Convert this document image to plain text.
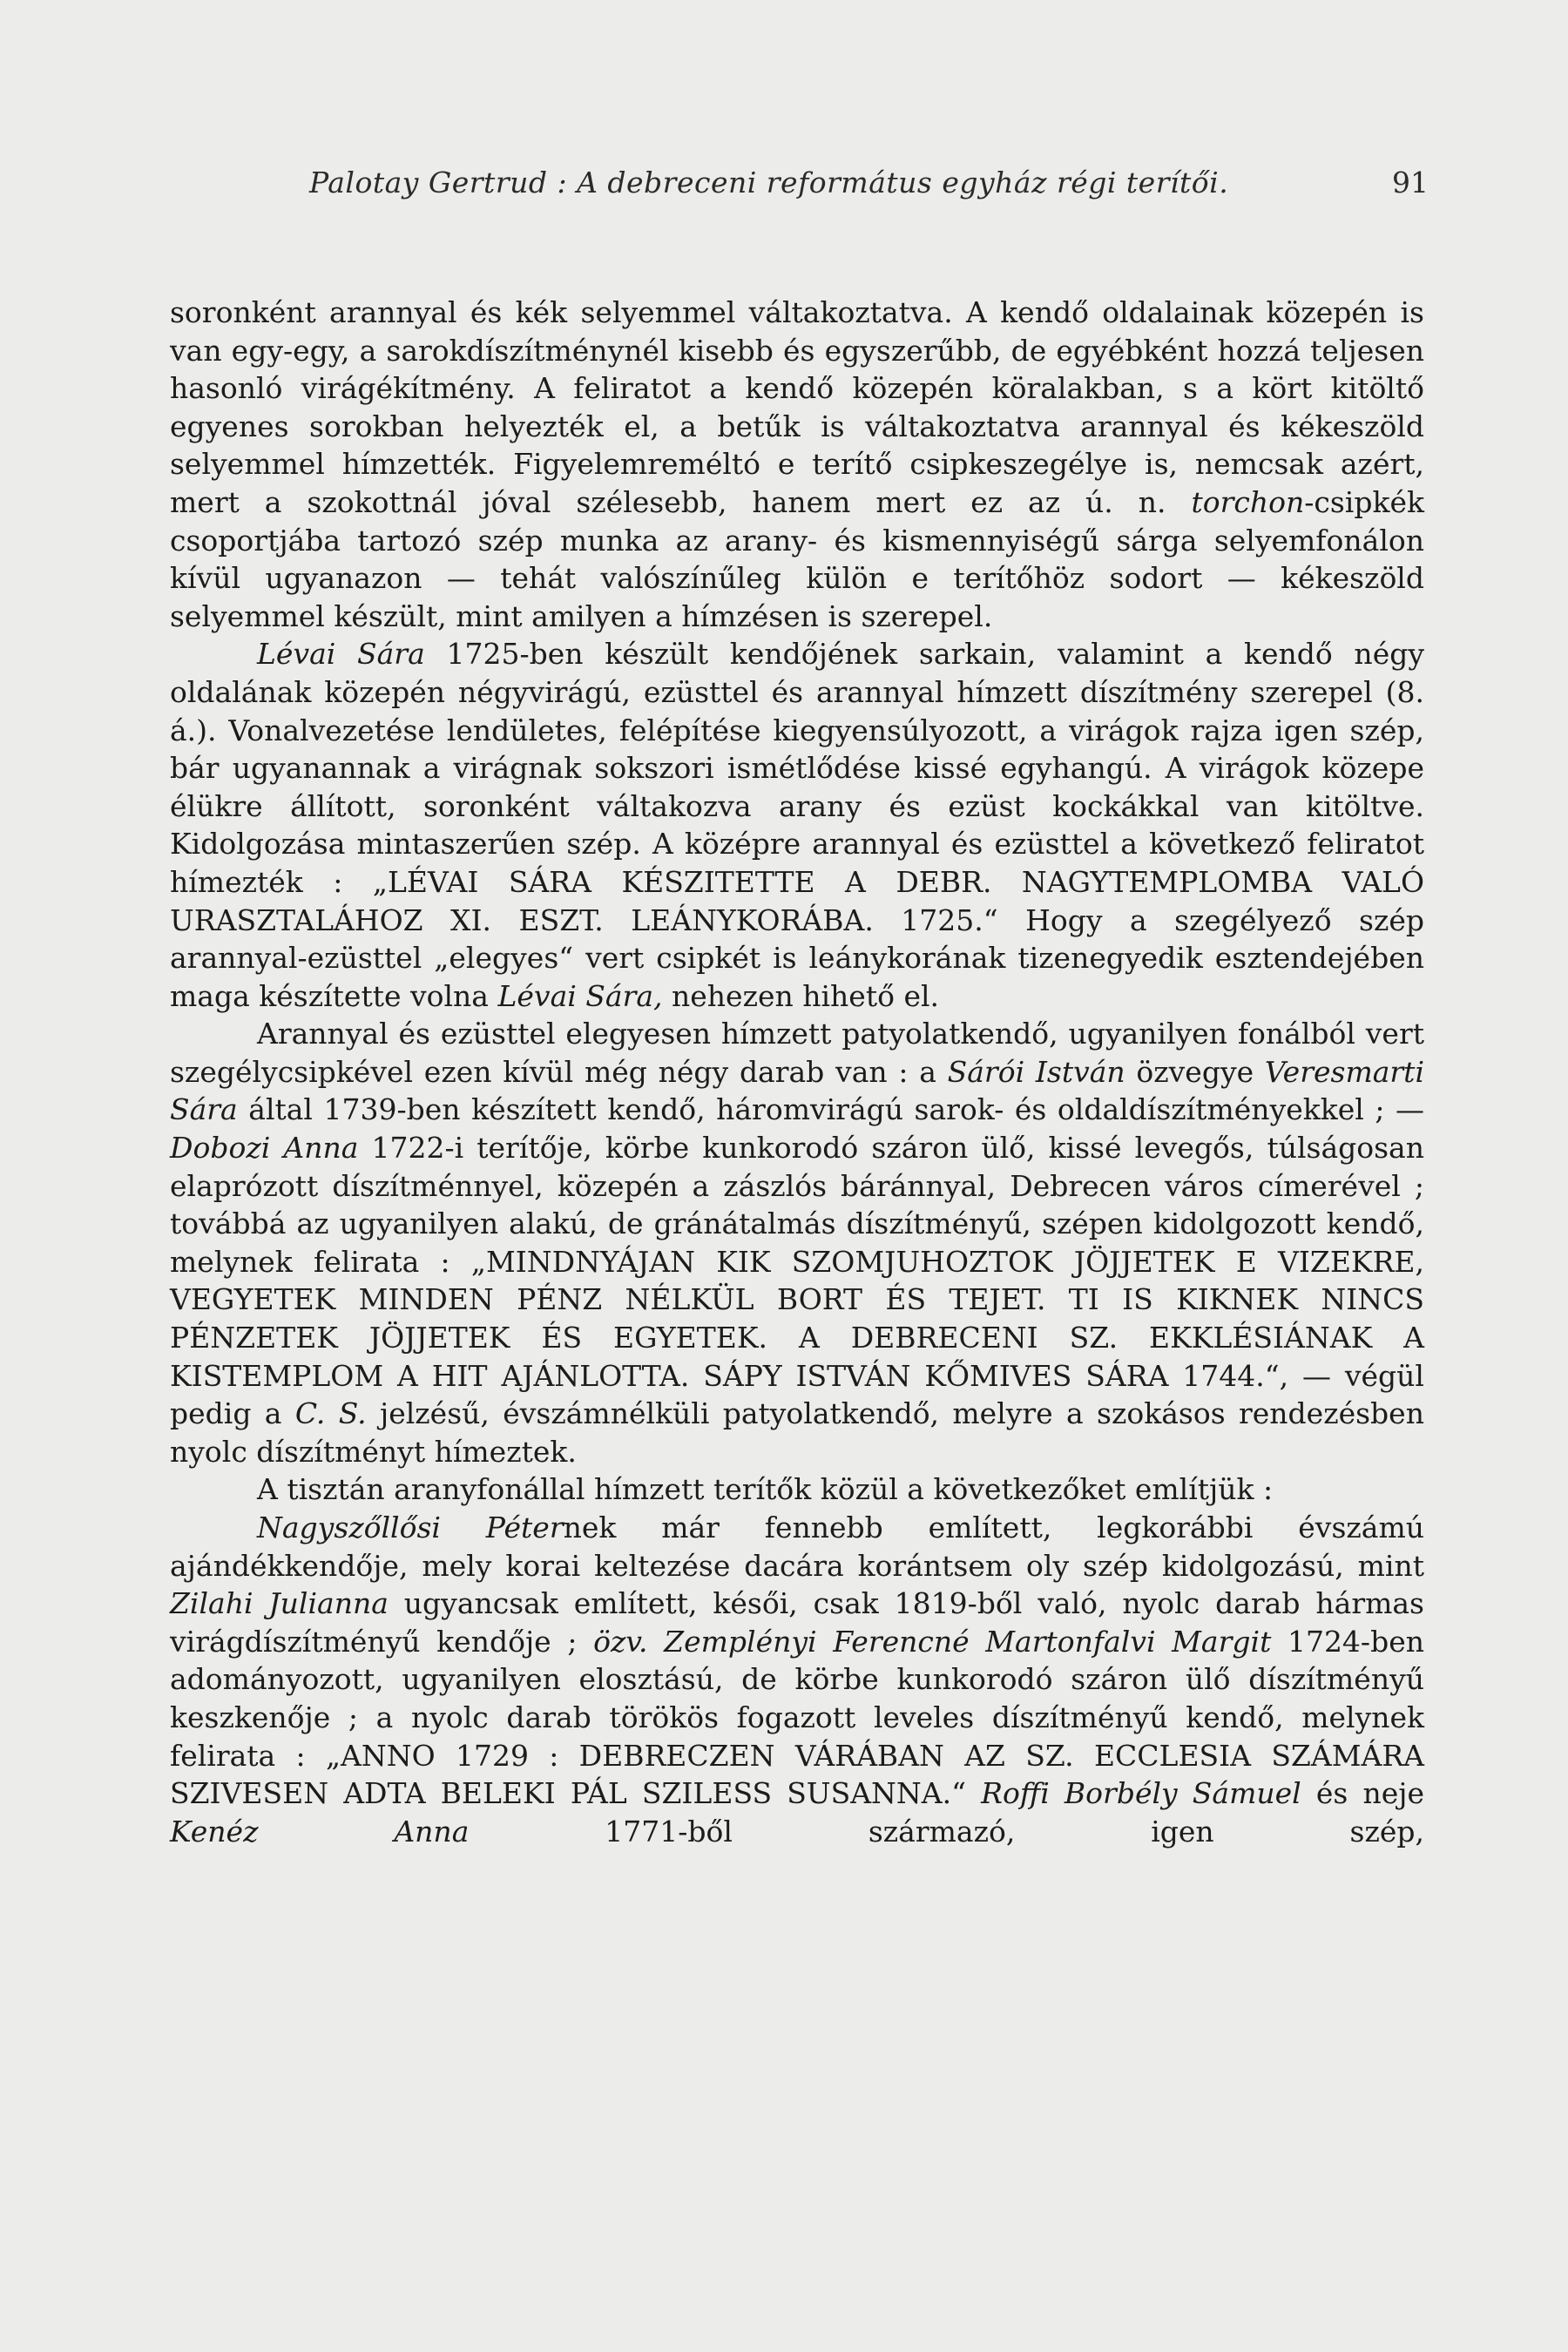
Palotay Gertrud : A debreceni református egyház régi terítői.	91

soronként arannyal és kék selyemmel váltakoztatva. A kendő oldalainak közepén is van egy-egy, a sarokdíszítménynél kisebb és egyszerűbb, de egyébként hozzá teljesen hasonló virágékítmény. A feliratot a kendő közepén köralakban, s a kört kitöltő egyenes sorokban helyezték el, a betűk is váltakoztatva arannyal és kékeszöld selyemmel hímzették. Figyelemreméltó e terítő csipkeszegélye is, nemcsak azért, mert a szokottnál jóval szélesebb, hanem mert ez az ú. n. torchon-csipkék csoportjába tartozó szép munka az arany- és kismennyiségű sárga selyemfonálon kívül ugyanazon — tehát valószínűleg külön e terítőhöz sodort — kékeszöld selyemmel készült, mint amilyen a hímzésen is szerepel.

Lévai Sára 1725-ben készült kendőjének sarkain, valamint a kendő négy oldalának közepén négyvirágú, ezüsttel és arannyal hímzett díszítmény szerepel (8. á.). Vonalvezetése lendületes, felépítése kiegyensúlyozott, a virágok rajza igen szép, bár ugyanannak a virágnak sokszori ismétlődése kissé egyhangú. A virágok közepe élükre állított, soronként váltakozva arany és ezüst kockákkal van kitöltve. Kidolgozása mintaszerűen szép. A középre arannyal és ezüsttel a következő feliratot hímezték : „LÉVAI SÁRA KÉSZITETTE A DEBR. NAGYTEMPLOMBA VALÓ URASZTALÁHOZ XI. ESZT. LEÁNYKORÁBA. 1725.“ Hogy a szegélyező szép arannyal-ezüsttel „elegyes“ vert csipkét is leánykorának tizenegyedik esztendejében maga készítette volna Lévai Sára, nehezen hihető el.

Arannyal és ezüsttel elegyesen hímzett patyolatkendő, ugyanilyen fonálból vert szegélycsipkével ezen kívül még négy darab van : a Sárói István özvegye Veresmarti Sára által 1739-ben készített kendő, háromvirágú sarok- és oldaldíszítményekkel ; — Dobozi Anna 1722-i terítője, körbe kunkorodó száron ülő, kissé levegős, túlságosan elaprózott díszítménnyel, közepén a zászlós báránnyal, Debrecen város címerével ; továbbá az ugyanilyen alakú, de gránátalmás díszítményű, szépen kidolgozott kendő, melynek felirata : „MINDNYÁJAN KIK SZOMJUHOZTOK JÖJJETEK E VIZEKRE, VEGYETEK MINDEN PÉNZ NÉLKÜL BORT ÉS TEJET. TI IS KIKNEK NINCS PÉNZETEK JÖJJETEK ÉS EGYETEK. A DEBRECENI SZ. EKKLÉSIÁNAK A KISTEMPLOM A HIT AJÁNLOTTA. SÁPY ISTVÁN KŐMIVES SÁRA 1744.“, — végül pedig a C. S. jelzésű, évszámnélküli patyolatkendő, melyre a szokásos rendezésben nyolc díszítményt hímeztek.

A tisztán aranyfonállal hímzett terítők közül a következőket említjük :

Nagyszőllősi Péternek már fennebb említett, legkorábbi évszámú ajándékkendője, mely korai keltezése dacára korántsem oly szép kidolgozású, mint Zilahi Julianna ugyancsak említett, késői, csak 1819-ből való, nyolc darab hármas virágdíszítményű kendője ; özv. Zemplényi Ferencné Martonfalvi Margit 1724-ben adományozott, ugyanilyen elosztású, de körbe kunkorodó száron ülő díszítményű keszkenője ; a nyolc darab törökös fogazott leveles díszítményű kendő, melynek felirata : „ANNO 1729 : DEBRECZEN VÁRÁBAN AZ SZ. ECCLESIA SZÁMÁRA SZIVESEN ADTA BELEKI PÁL SZILESS SUSANNA.“ Roffi Borbély Sámuel és neje Kenéz Anna 1771-ből származó, igen szép,
